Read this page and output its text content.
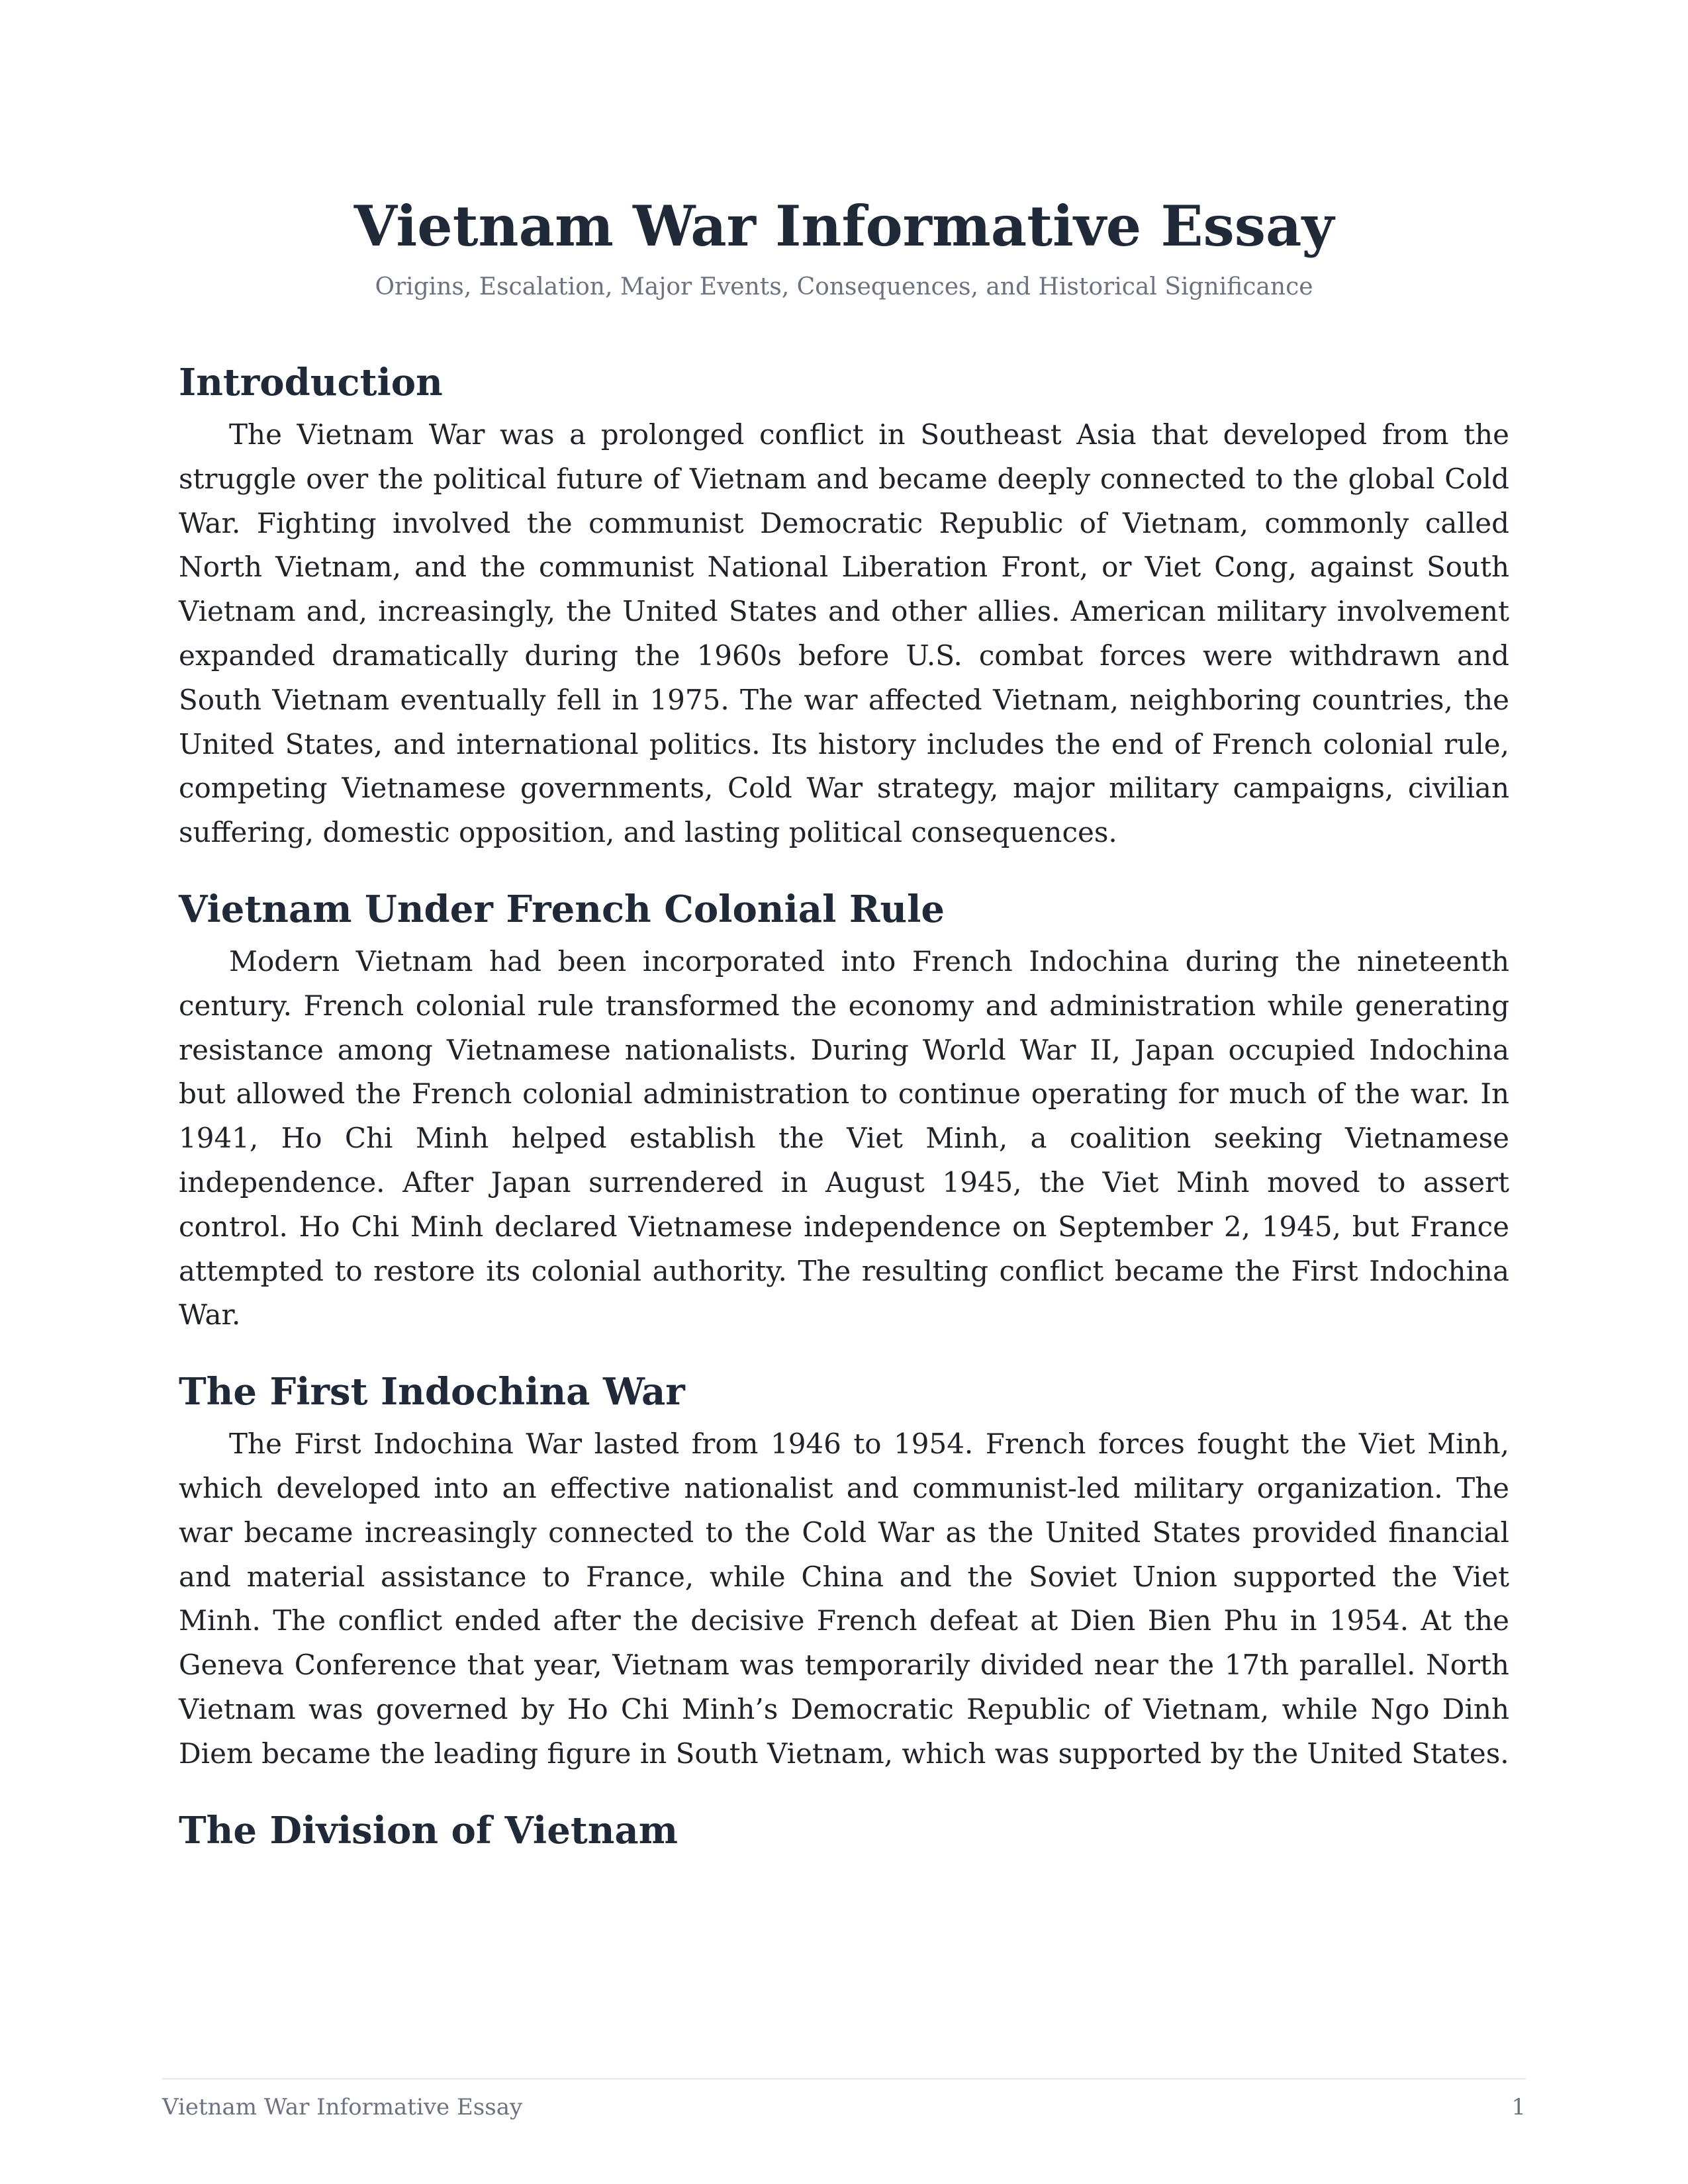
Vietnam War Informative Essay

Origins, Escalation, Major Events, Consequences, and Historical Significance

Introduction

The Vietnam War was a prolonged conflict in Southeast Asia that developed from the struggle over the political future of Vietnam and became deeply connected to the global Cold War. Fighting involved the communist Democratic Republic of Vietnam, commonly called North Vietnam, and the communist National Liberation Front, or Viet Cong, against South Vietnam and, increasingly, the United States and other allies. American military involvement expanded dramatically during the 1960s before U.S. combat forces were withdrawn and South Vietnam eventually fell in 1975. The war affected Vietnam, neighboring countries, the United States, and international politics. Its history includes the end of French colonial rule, competing Vietnamese governments, Cold War strategy, major military campaigns, civilian suffering, domestic opposition, and lasting political consequences.

Vietnam Under French Colonial Rule

Modern Vietnam had been incorporated into French Indochina during the nineteenth century. French colonial rule transformed the economy and administration while generating resistance among Vietnamese nationalists. During World War II, Japan occupied Indochina but allowed the French colonial administration to continue operating for much of the war. In 1941, Ho Chi Minh helped establish the Viet Minh, a coalition seeking Vietnamese independence. After Japan surrendered in August 1945, the Viet Minh moved to assert control. Ho Chi Minh declared Vietnamese independence on September 2, 1945, but France attempted to restore its colonial authority. The resulting conflict became the First Indochina War.

The First Indochina War

The First Indochina War lasted from 1946 to 1954. French forces fought the Viet Minh, which developed into an effective nationalist and communist-led military organization. The war became increasingly connected to the Cold War as the United States provided financial and material assistance to France, while China and the Soviet Union supported the Viet Minh. The conflict ended after the decisive French defeat at Dien Bien Phu in 1954. At the Geneva Conference that year, Vietnam was temporarily divided near the 17th parallel. North Vietnam was governed by Ho Chi Minh’s Democratic Republic of Vietnam, while Ngo Dinh Diem became the leading figure in South Vietnam, which was supported by the United States.

The Division of Vietnam
Vietnam War Informative Essay	1
